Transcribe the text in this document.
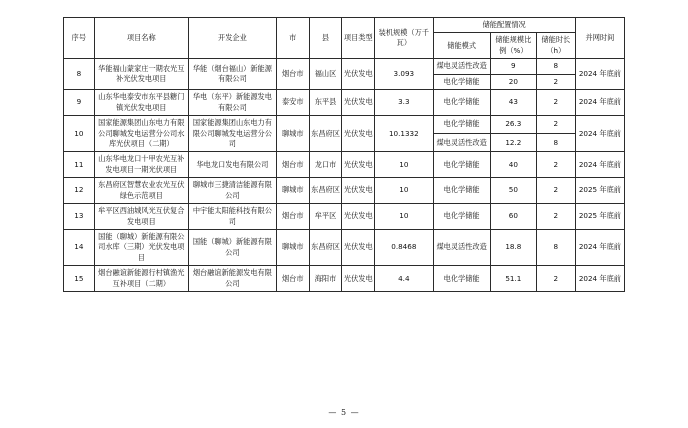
序号	项目名称	开发企业	市	县	项目类型	装机规模（万千瓦）	储能配置情况			并网时间
							储能模式	储能规模比例（%）	储能时长（h）	
8	华能福山蒙家庄一期农光互补光伏发电项目	华能（烟台福山）新能源有限公司	烟台市	福山区	光伏发电	3.093	煤电灵活性改造	9	8	2024 年底前
							电化学储能	20	2	
9	山东华电泰安市东平县糖门镇光伏发电项目	华电（东平）新能源发电有限公司	泰安市	东平县	光伏发电	3.3	电化学储能	43	2	2024 年底前
10	国家能源集团山东电力有限公司聊城发电运营分公司水库光伏项目（二期）	国家能源集团山东电力有限公司聊城发电运营分公司	聊城市	东昌府区	光伏发电	10.1332	电化学储能	26.3	2	2024 年底前
							煤电灵活性改造	12.2	8	
11	山东华电龙口十甲农光互补发电项目一期光伏项目	华电龙口发电有限公司	烟台市	龙口市	光伏发电	10	电化学储能	40	2	2024 年底前
12	东昌府区智慧农业农光互伏绿色示范项目	聊城市三捷清洁能源有限公司	聊城市	东昌府区	光伏发电	10	电化学储能	50	2	2025 年底前
13	牟平区西油城风光互伏复合发电项目	中宇能太阳能科技有限公司	烟台市	牟平区	光伏发电	10	电化学储能	60	2	2025 年底前
14	国能（聊城）新能源有限公司水库（三期）光伏发电项目	国能（聊城）新能源有限公司	聊城市	东昌府区	光伏发电	0.8468	煤电灵活性改造	18.8	8	2024 年底前
15	烟台融谊新能源行村镇渔光互补项目（二期）	烟台融谊新能源发电有限公司	烟台市	海阳市	光伏发电	4.4	电化学储能	51.1	2	2024 年底前
— 5 —
